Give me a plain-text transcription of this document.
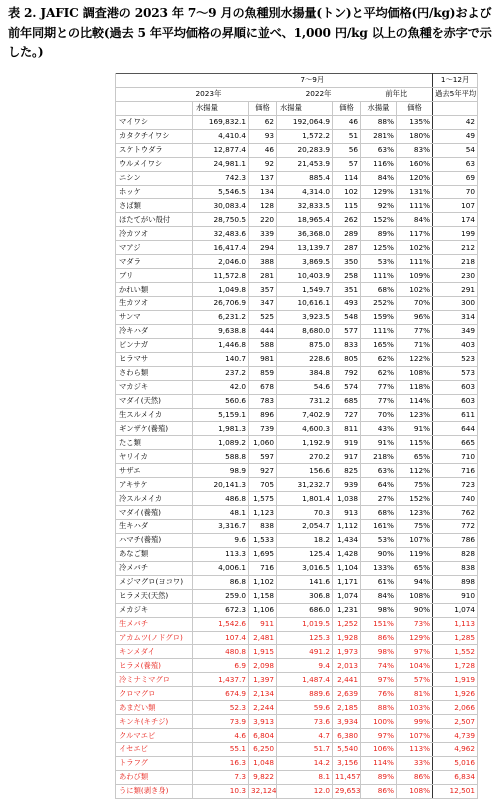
表 2. JAFIC 調査港の 2023 年 7～9 月の魚種別水揚量(トン)と平均価格(円/kg)および前年同期との比較(過去 5 年平均価格の昇順に並べ、1,000 円/kg 以上の魚種を赤字で示した。)
	7～9月						1～12月
	2023年		2022年		前年比		過去5年平均
	水揚量	価格	水揚量	価格	水揚量	価格	
マイワシ	169,832.1	62	192,064.9	46	88%	135%	42
カタクチイワシ	4,410.4	93	1,572.2	51	281%	180%	49
スケトウダラ	12,877.4	46	20,283.9	56	63%	83%	54
ウルメイワシ	24,981.1	92	21,453.9	57	116%	160%	63
ニシン	742.3	137	885.4	114	84%	120%	69
ホッケ	5,546.5	134	4,314.0	102	129%	131%	70
さば類	30,083.4	128	32,833.5	115	92%	111%	107
ほたてがい殻付	28,750.5	220	18,965.4	262	152%	84%	174
冷カツオ	32,483.6	339	36,368.0	289	89%	117%	199
マアジ	16,417.4	294	13,139.7	287	125%	102%	212
マダラ	2,046.0	388	3,869.5	350	53%	111%	218
ブリ	11,572.8	281	10,403.9	258	111%	109%	230
かれい類	1,049.8	357	1,549.7	351	68%	102%	291
生カツオ	26,706.9	347	10,616.1	493	252%	70%	300
サンマ	6,231.2	525	3,923.5	548	159%	96%	314
冷キハダ	9,638.8	444	8,680.0	577	111%	77%	349
ビンナガ	1,446.8	588	875.0	833	165%	71%	403
ヒラマサ	140.7	981	228.6	805	62%	122%	523
さわら類	237.2	859	384.8	792	62%	108%	573
マカジキ	42.0	678	54.6	574	77%	118%	603
マダイ(天然)	560.6	783	731.2	685	77%	114%	603
生スルメイカ	5,159.1	896	7,402.9	727	70%	123%	611
ギンザケ(養殖)	1,981.3	739	4,600.3	811	43%	91%	644
たこ類	1,089.2	1,060	1,192.9	919	91%	115%	665
ヤリイカ	588.8	597	270.2	917	218%	65%	710
サザエ	98.9	927	156.6	825	63%	112%	716
アキサケ	20,141.3	705	31,232.7	939	64%	75%	723
冷スルメイカ	486.8	1,575	1,801.4	1,038	27%	152%	740
マダイ(養殖)	48.1	1,123	70.3	913	68%	123%	762
生キハダ	3,316.7	838	2,054.7	1,112	161%	75%	772
ハマチ(養殖)	9.6	1,533	18.2	1,434	53%	107%	786
あなご類	113.3	1,695	125.4	1,428	90%	119%	828
冷メバチ	4,006.1	716	3,016.5	1,104	133%	65%	838
メジマグロ(ヨコワ)	86.8	1,102	141.6	1,171	61%	94%	898
ヒラメ天(天然)	259.0	1,158	306.8	1,074	84%	108%	910
メカジキ	672.3	1,106	686.0	1,231	98%	90%	1,074
生メバチ	1,542.6	911	1,019.5	1,252	151%	73%	1,113
アカムツ(ノドグロ)	107.4	2,481	125.3	1,928	86%	129%	1,285
キンメダイ	480.8	1,915	491.2	1,973	98%	97%	1,552
ヒラメ(養殖)	6.9	2,098	9.4	2,013	74%	104%	1,728
冷ミナミマグロ	1,437.7	1,397	1,487.4	2,441	97%	57%	1,919
クロマグロ	674.9	2,134	889.6	2,639	76%	81%	1,926
あまだい類	52.3	2,244	59.6	2,185	88%	103%	2,066
キンキ(キチジ)	73.9	3,913	73.6	3,934	100%	99%	2,507
クルマエビ	4.6	6,804	4.7	6,380	97%	107%	4,739
イセエビ	55.1	6,250	51.7	5,540	106%	113%	4,962
トラフグ	16.3	1,048	14.2	3,156	114%	33%	5,016
あわび類	7.3	9,822	8.1	11,457	89%	86%	6,834
うに類(剥き身)	10.3	32,124	12.0	29,653	86%	108%	12,501
